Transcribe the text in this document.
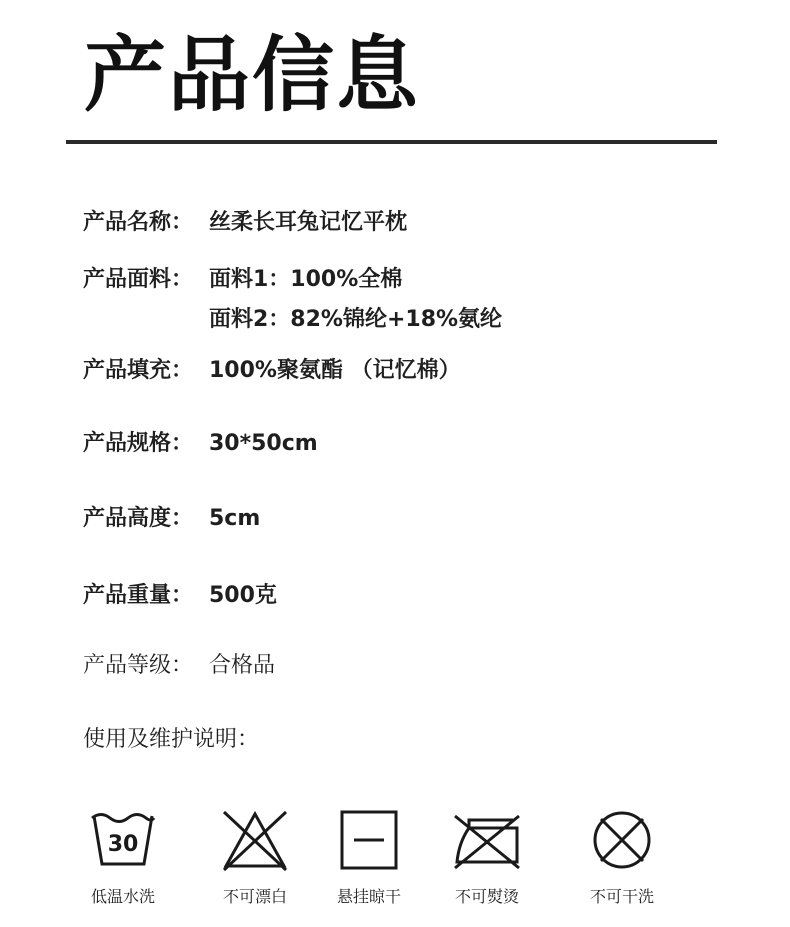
产品信息
产品名称： 丝柔长耳兔记忆平枕
产品面料： 面料1：100%全棉
面料2：82%锦纶+18%氨纶
产品填充： 100%聚氨酯 （记忆棉）
产品规格： 30*50cm
产品高度： 5cm
产品重量： 500克
产品等级： 合格品
使用及维护说明：
30
低温水洗	不可漂白	悬挂晾干	不可熨烫	不可干洗
